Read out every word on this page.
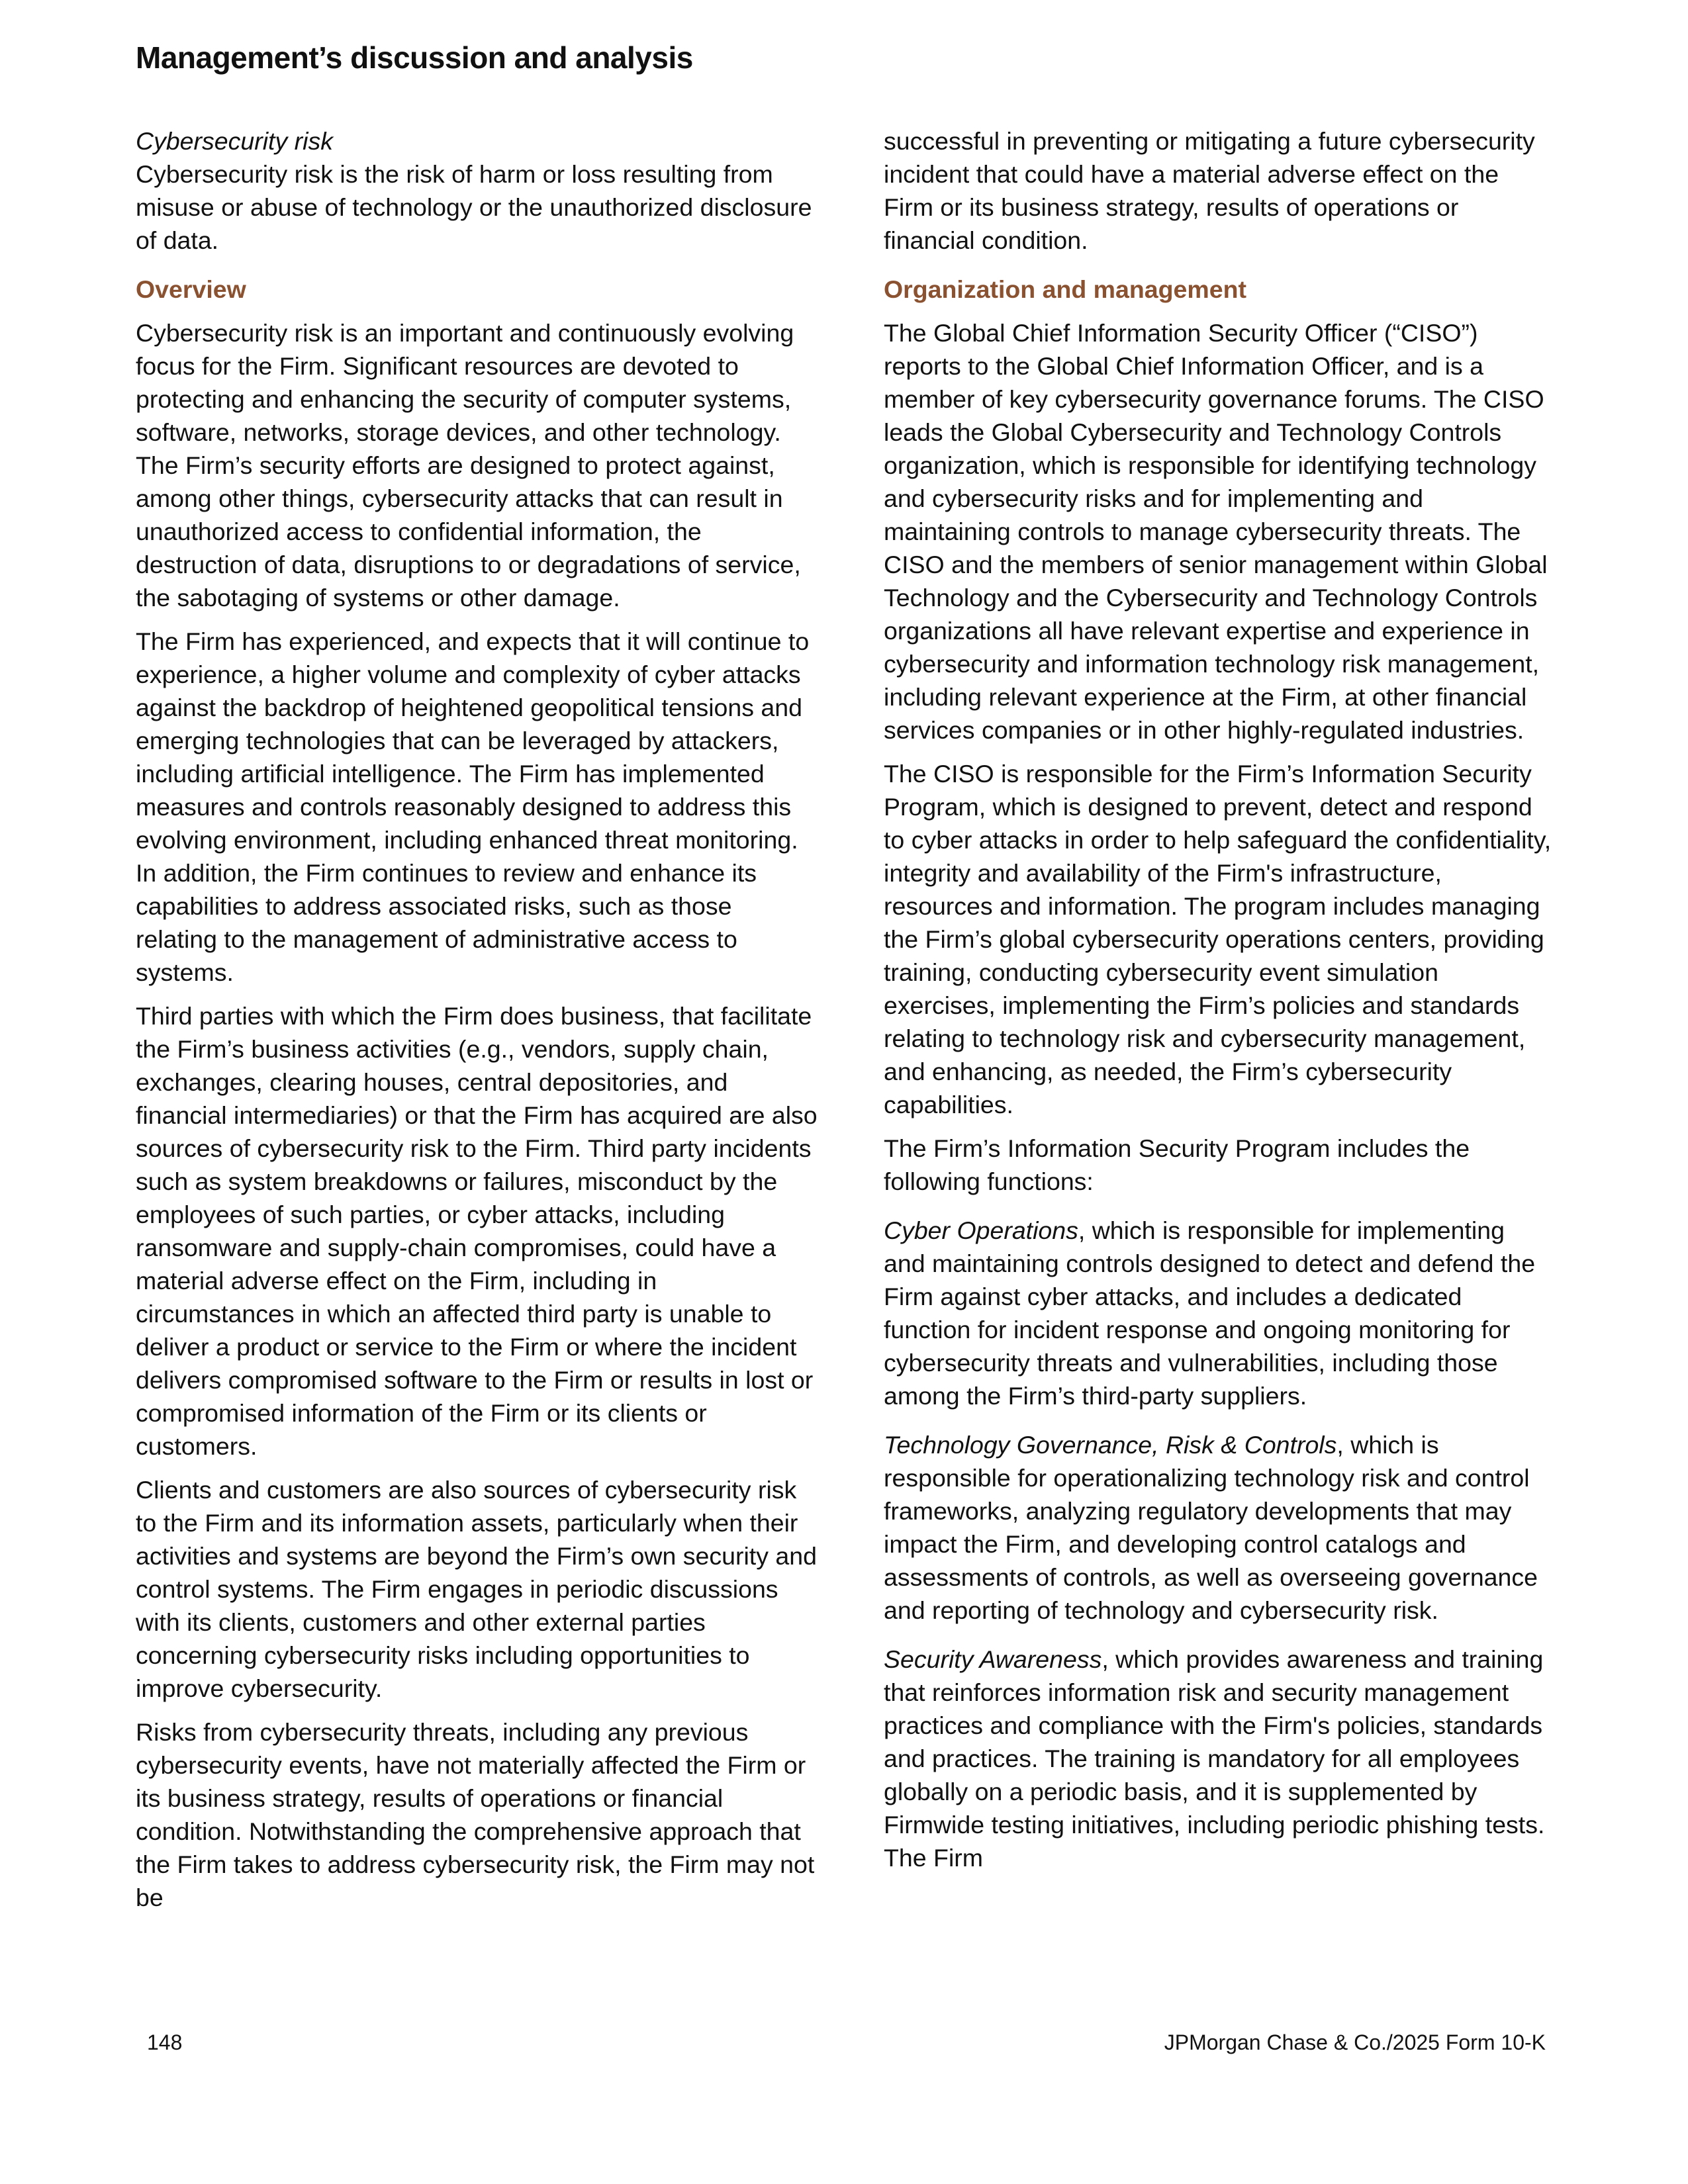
Management’s discussion and analysis

Cybersecurity risk

Cybersecurity risk is the risk of harm or loss resulting from misuse or abuse of technology or the unauthorized disclosure of data.

Overview

Cybersecurity risk is an important and continuously evolving focus for the Firm. Significant resources are devoted to protecting and enhancing the security of computer systems, software, networks, storage devices, and other technology. The Firm’s security efforts are designed to protect against, among other things, cybersecurity attacks that can result in unauthorized access to confidential information, the destruction of data, disruptions to or degradations of service, the sabotaging of systems or other damage.

The Firm has experienced, and expects that it will continue to experience, a higher volume and complexity of cyber attacks against the backdrop of heightened geopolitical tensions and emerging technologies that can be leveraged by attackers, including artificial intelligence. The Firm has implemented measures and controls reasonably designed to address this evolving environment, including enhanced threat monitoring. In addition, the Firm continues to review and enhance its capabilities to address associated risks, such as those relating to the management of administrative access to systems.

Third parties with which the Firm does business, that facilitate the Firm’s business activities (e.g., vendors, supply chain, exchanges, clearing houses, central depositories, and financial intermediaries) or that the Firm has acquired are also sources of cybersecurity risk to the Firm. Third party incidents such as system breakdowns or failures, misconduct by the employees of such parties, or cyber attacks, including ransomware and supply-chain compromises, could have a material adverse effect on the Firm, including in circumstances in which an affected third party is unable to deliver a product or service to the Firm or where the incident delivers compromised software to the Firm or results in lost or compromised information of the Firm or its clients or customers.

Clients and customers are also sources of cybersecurity risk to the Firm and its information assets, particularly when their activities and systems are beyond the Firm’s own security and control systems. The Firm engages in periodic discussions with its clients, customers and other external parties concerning cybersecurity risks including opportunities to improve cybersecurity.

Risks from cybersecurity threats, including any previous cybersecurity events, have not materially affected the Firm or its business strategy, results of operations or financial condition. Notwithstanding the comprehensive approach that the Firm takes to address cybersecurity risk, the Firm may not be

successful in preventing or mitigating a future cybersecurity incident that could have a material adverse effect on the Firm or its business strategy, results of operations or financial condition.

Organization and management

The Global Chief Information Security Officer (“CISO”) reports to the Global Chief Information Officer, and is a member of key cybersecurity governance forums. The CISO leads the Global Cybersecurity and Technology Controls organization, which is responsible for identifying technology and cybersecurity risks and for implementing and maintaining controls to manage cybersecurity threats. The CISO and the members of senior management within Global Technology and the Cybersecurity and Technology Controls organizations all have relevant expertise and experience in cybersecurity and information technology risk management, including relevant experience at the Firm, at other financial services companies or in other highly-regulated industries.

The CISO is responsible for the Firm’s Information Security Program, which is designed to prevent, detect and respond to cyber attacks in order to help safeguard the confidentiality, integrity and availability of the Firm's infrastructure, resources and information. The program includes managing the Firm’s global cybersecurity operations centers, providing training, conducting cybersecurity event simulation exercises, implementing the Firm’s policies and standards relating to technology risk and cybersecurity management, and enhancing, as needed, the Firm’s cybersecurity capabilities.

The Firm’s Information Security Program includes the following functions:

Cyber Operations, which is responsible for implementing and maintaining controls designed to detect and defend the Firm against cyber attacks, and includes a dedicated function for incident response and ongoing monitoring for cybersecurity threats and vulnerabilities, including those among the Firm’s third-party suppliers.

Technology Governance, Risk & Controls, which is responsible for operationalizing technology risk and control frameworks, analyzing regulatory developments that may impact the Firm, and developing control catalogs and assessments of controls, as well as overseeing governance and reporting of technology and cybersecurity risk.

Security Awareness, which provides awareness and training that reinforces information risk and security management practices and compliance with the Firm's policies, standards and practices. The training is mandatory for all employees globally on a periodic basis, and it is supplemented by Firmwide testing initiatives, including periodic phishing tests. The Firm

148	JPMorgan Chase & Co./2025 Form 10-K
